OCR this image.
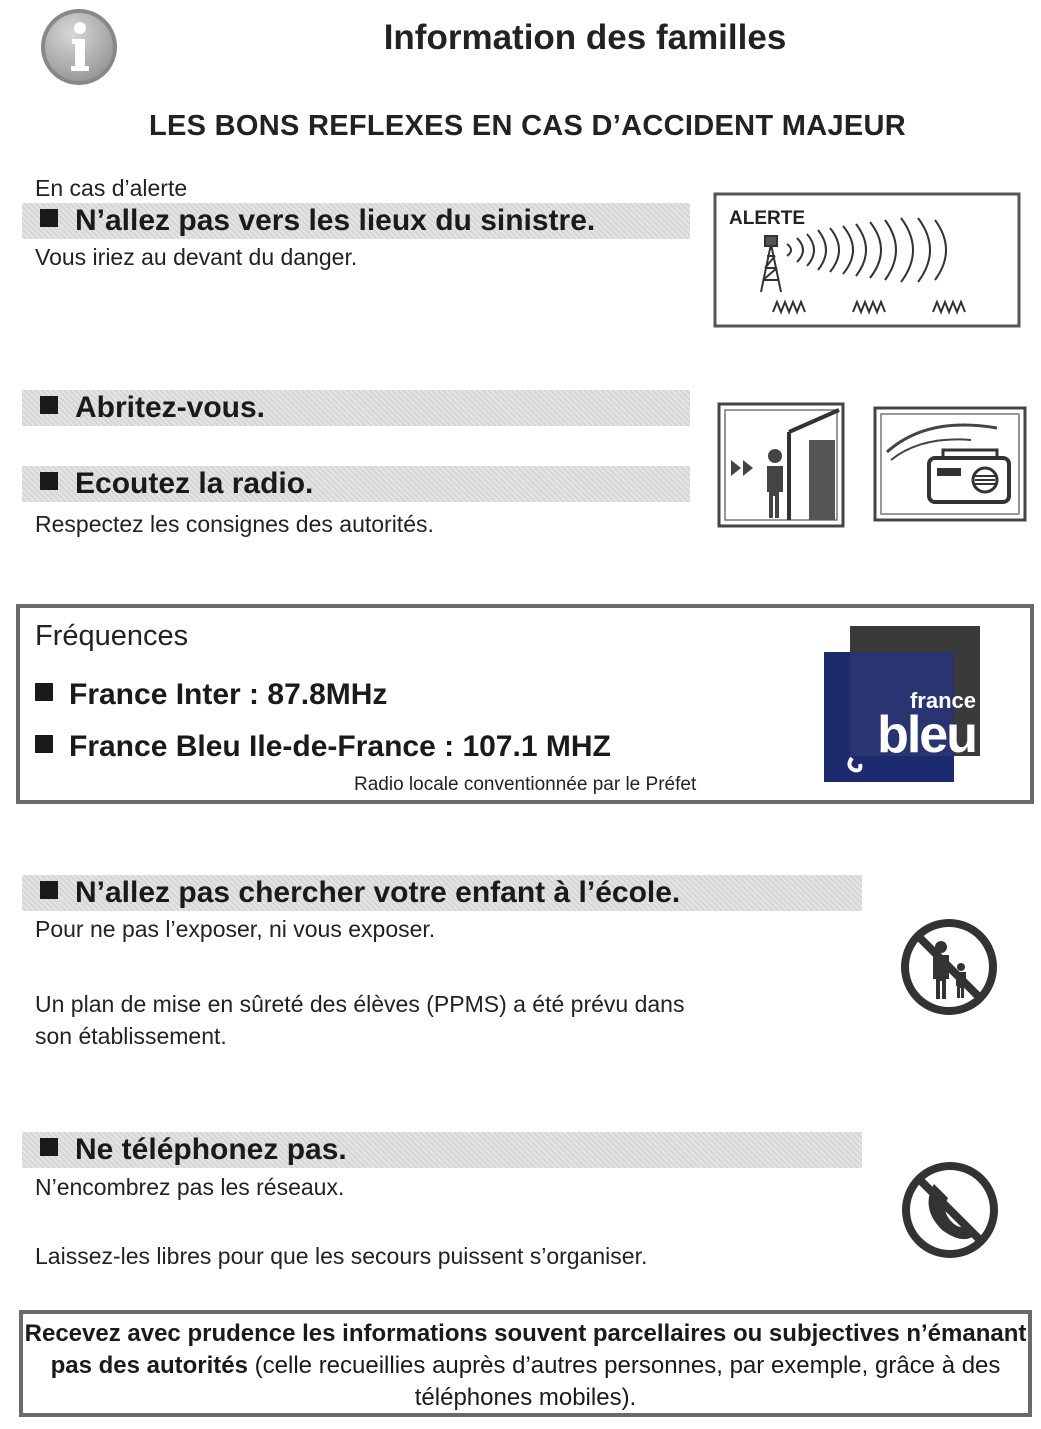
Information des familles
LES BONS REFLEXES EN CAS D’ACCIDENT MAJEUR
En cas d’alerte
N’allez pas vers les lieux du sinistre.
Vous iriez au devant du danger.
ALERTE
Abritez-vous.
Ecoutez la radio.
Respectez les consignes des autorités.
Fréquences
France Inter : 87.8MHz
France Bleu Ile-de-France : 107.1 MHZ
Radio locale conventionnée par le Préfet
france
bleu
N’allez pas chercher votre enfant à l’école.
Pour ne pas l’exposer, ni vous exposer.
Un plan de mise en sûreté des élèves (PPMS) a été prévu dans
son établissement.
Ne téléphonez pas.
N’encombrez pas les réseaux.
Laissez-les libres pour que les secours puissent s’organiser.
Recevez avec prudence les informations souvent parcellaires ou subjectives n’émanant pas des autorités (celle recueillies auprès d’autres personnes, par exemple, grâce à des téléphones mobiles).
